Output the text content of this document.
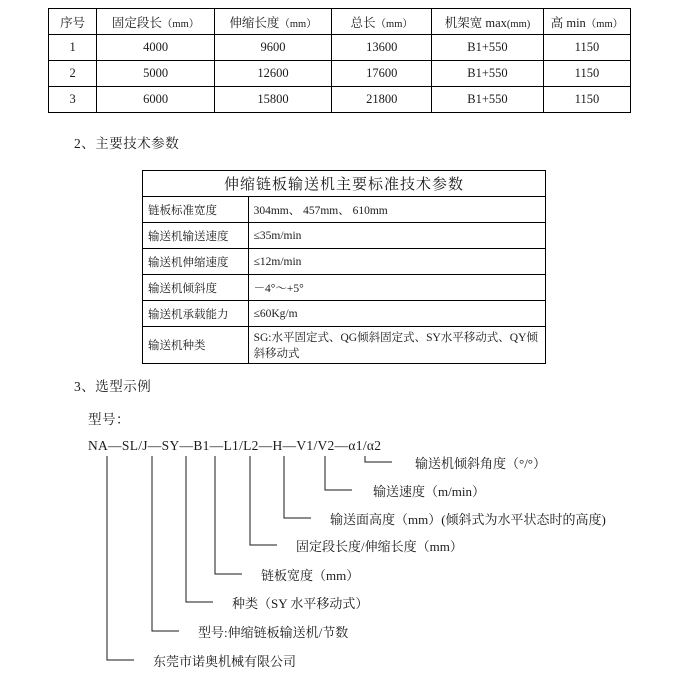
序号	固定段长（mm）	伸缩长度（mm）	总长（mm）	机架宽 max(mm)	高 min（mm）
1	4000	9600	13600	B1+550	1150
2	5000	12600	17600	B1+550	1150
3	6000	15800	21800	B1+550	1150
2、主要技术参数
伸缩链板输送机主要标准技术参数	
链板标准宽度	304mm、 457mm、 610mm
输送机输送速度	≤35m/min
输送机伸缩速度	≤12m/min
输送机倾斜度	－4°～+5°
输送机承载能力	≤60Kg/m
输送机种类	SG:水平固定式、QG倾斜固定式、SY水平移动式、QY倾斜移动式
3、选型示例
型号：
NA—SL/J—SY—B1—L1/L2—H—V1/V2—α1/α2
输送机倾斜角度（°/°）
输送速度（m/min）
输送面高度（mm）(倾斜式为水平状态时的高度)
固定段长度/伸缩长度（mm）
链板宽度（mm）
种类（SY 水平移动式）
型号:伸缩链板输送机/节数
东莞市诺奥机械有限公司
